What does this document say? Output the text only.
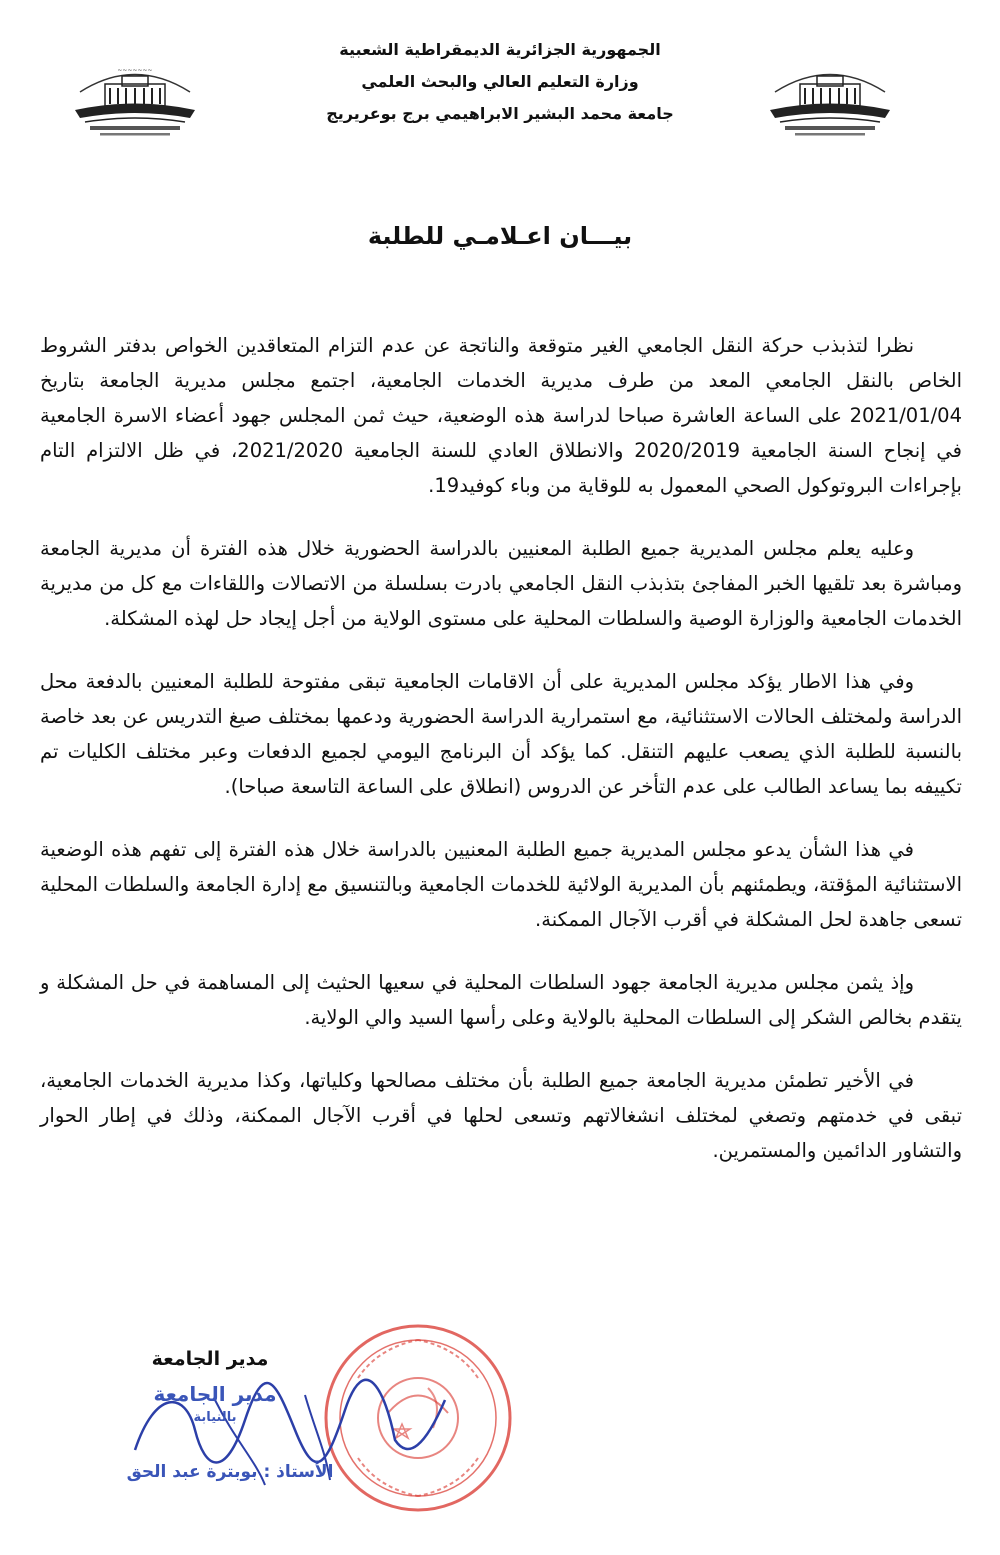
~~~~~~~
الجمهورية الجزائرية الديمقراطية الشعبية
وزارة التعليم العالي والبحث العلمي
جامعة محمد البشير الابراهيمي برج بوعريريج
بيـــان اعـلامـي للطلبة

نظرا لتذبذب حركة النقل الجامعي الغير متوقعة والناتجة عن عدم التزام المتعاقدين الخواص بدفتر الشروط الخاص بالنقل الجامعي المعد من طرف مديرية الخدمات الجامعية، اجتمع مجلس مديرية الجامعة بتاريخ 2021/01/04 على الساعة العاشرة صباحا لدراسة هذه الوضعية، حيث ثمن المجلس جهود أعضاء الاسرة الجامعية في إنجاح السنة الجامعية 2020/2019 والانطلاق العادي للسنة الجامعية 2021/2020، في ظل الالتزام التام بإجراءات البروتوكول الصحي المعمول به للوقاية من وباء كوفيد19.

وعليه يعلم مجلس المديرية جميع الطلبة المعنيين بالدراسة الحضورية خلال هذه الفترة أن مديرية الجامعة ومباشرة بعد تلقيها الخبر المفاجئ بتذبذب النقل الجامعي بادرت بسلسلة من الاتصالات واللقاءات مع كل من مديرية الخدمات الجامعية والوزارة الوصية والسلطات المحلية على مستوى الولاية من أجل إيجاد حل لهذه المشكلة.

وفي هذا الاطار يؤكد مجلس المديرية على أن الاقامات الجامعية تبقى مفتوحة للطلبة المعنيين بالدفعة محل الدراسة ولمختلف الحالات الاستثنائية، مع استمرارية الدراسة الحضورية ودعمها بمختلف صيغ التدريس عن بعد خاصة بالنسبة للطلبة الذي يصعب عليهم التنقل. كما يؤكد أن البرنامج اليومي لجميع الدفعات وعبر مختلف الكليات تم تكييفه بما يساعد الطالب على عدم التأخر عن الدروس (انطلاق على الساعة التاسعة صباحا).

في هذا الشأن يدعو مجلس المديرية جميع الطلبة المعنيين بالدراسة خلال هذه الفترة إلى تفهم هذه الوضعية الاستثنائية المؤقتة، ويطمئنهم بأن المديرية الولائية للخدمات الجامعية وبالتنسيق مع إدارة الجامعة والسلطات المحلية تسعى جاهدة لحل المشكلة في أقرب الآجال الممكنة.

وإذ يثمن مجلس مديرية الجامعة جهود السلطات المحلية في سعيها الحثيث إلى المساهمة في حل المشكلة و يتقدم بخالص الشكر إلى السلطات المحلية بالولاية وعلى رأسها السيد والي الولاية.

في الأخير تطمئن مديرية الجامعة جميع الطلبة بأن مختلف مصالحها وكلياتها، وكذا مديرية الخدمات الجامعية، تبقى في خدمتهم وتصغي لمختلف انشغالاتهم وتسعى لحلها في أقرب الآجال الممكنة، وذلك في إطار الحوار والتشاور الدائمين والمستمرين.

مدير الجامعة
مدير الجامعة
بالنيابة
الأستاذ : بوبترة عبد الحق
